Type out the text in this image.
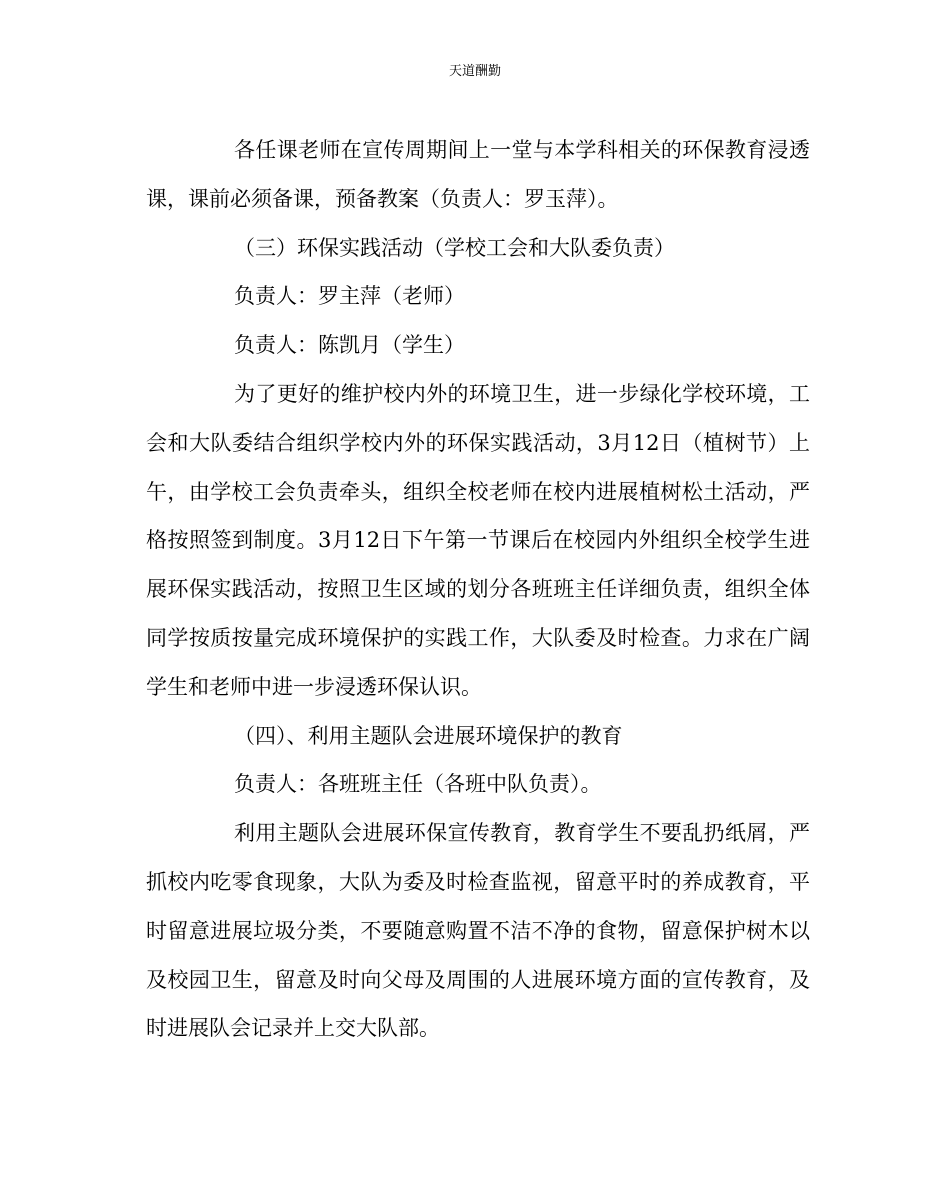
天道酬勤

各任课老师在宣传周期间上一堂与本学科相关的环保教育浸透课，课前必须备课，预备教案（负责人：罗玉萍）。

（三）环保实践活动（学校工会和大队委负责）

负责人：罗主萍（老师）

负责人：陈凯月（学生）

为了更好的维护校内外的环境卫生，进一步绿化学校环境，工会和大队委结合组织学校内外的环保实践活动，3月12日（植树节）上午，由学校工会负责牵头，组织全校老师在校内进展植树松土活动，严格按照签到制度。3月12日下午第一节课后在校园内外组织全校学生进展环保实践活动，按照卫生区域的划分各班班主任详细负责，组织全体同学按质按量完成环境保护的实践工作，大队委及时检查。力求在广阔学生和老师中进一步浸透环保认识。

（四）、利用主题队会进展环境保护的教育

负责人：各班班主任（各班中队负责）。

利用主题队会进展环保宣传教育，教育学生不要乱扔纸屑，严抓校内吃零食现象，大队为委及时检查监视，留意平时的养成教育，平时留意进展垃圾分类，不要随意购置不洁不净的食物，留意保护树木以及校园卫生，留意及时向父母及周围的人进展环境方面的宣传教育，及时进展队会记录并上交大队部。
